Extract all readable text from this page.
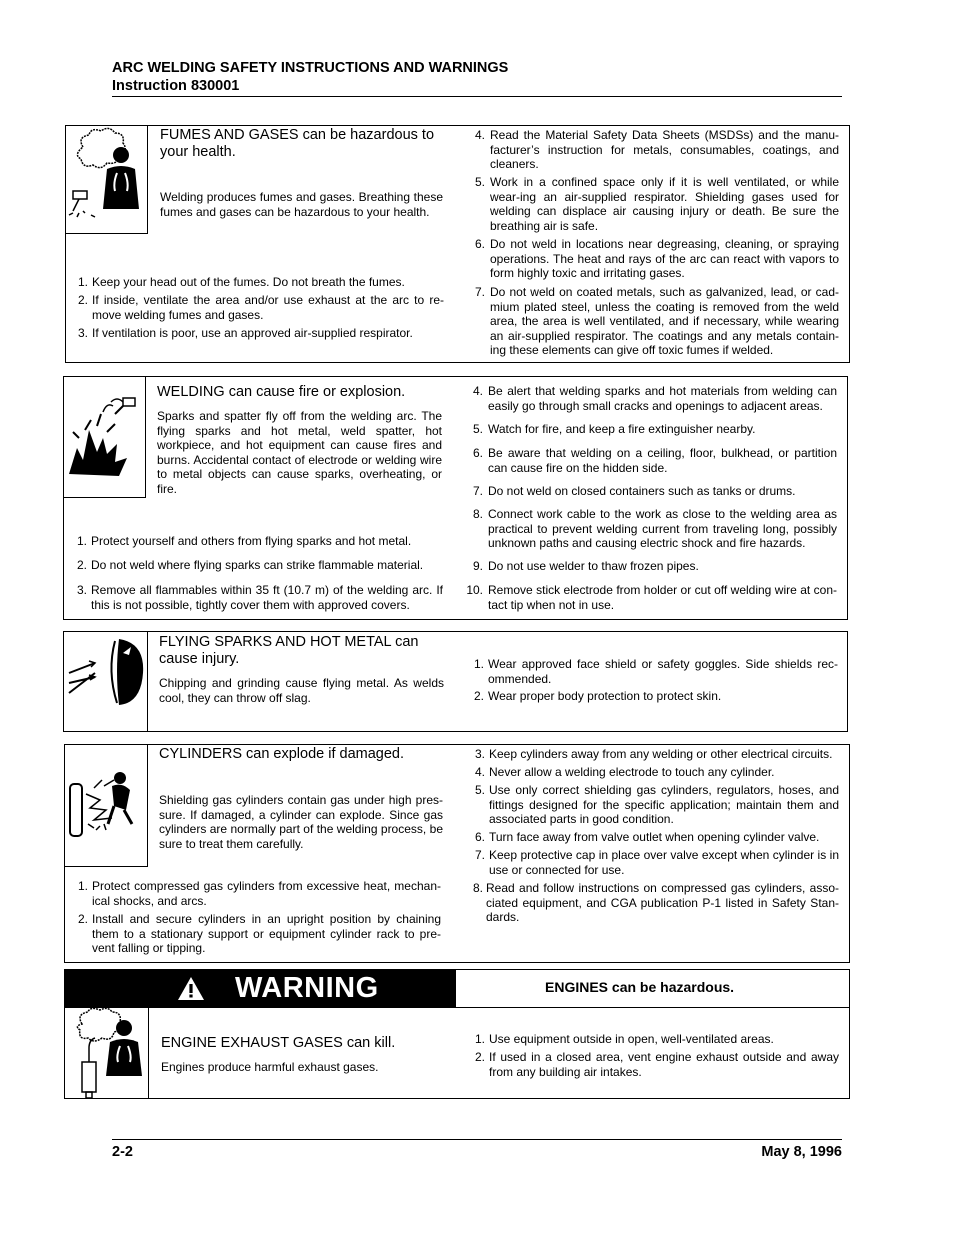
ARC WELDING SAFETY INSTRUCTIONS AND WARNINGS
Instruction 830001
FUMES AND GASES can be hazardous to your health.
Welding produces fumes and gases. Breathing these fumes and gases can be hazardous to your health.
1. Keep your head out of the fumes. Do not breath the fumes.
2. If inside, ventilate the area and/or use exhaust at the arc to re-move welding fumes and gases.
3. If ventilation is poor, use an approved air-supplied respirator.
4. Read the Material Safety Data Sheets (MSDSs) and the manu-facturer’s instruction for metals, consumables, coatings, and cleaners.
5. Work in a confined space only if it is well ventilated, or while wear-ing an air-supplied respirator. Shielding gases used for welding can displace air causing injury or death. Be sure the breathing air is safe.
6. Do not weld in locations near degreasing, cleaning, or spraying operations. The heat and rays of the arc can react with vapors to form highly toxic and irritating gases.
7. Do not weld on coated metals, such as galvanized, lead, or cad-mium plated steel, unless the coating is removed from the weld area, the area is well ventilated, and if necessary, while wearing an air-supplied respirator. The coatings and any metals contain-ing these elements can give off toxic fumes if welded.
WELDING can cause fire or explosion.
Sparks and spatter fly off from the welding arc. The flying sparks and hot metal, weld spatter, hot workpiece, and hot equipment can cause fires and burns. Accidental contact of electrode or welding wire to metal objects can cause sparks, overheating, or fire.
1. Protect yourself and others from flying sparks and hot metal.
2. Do not weld where flying sparks can strike flammable material.
3. Remove all flammables within 35 ft (10.7 m) of the welding arc. If this is not possible, tightly cover them with approved covers.
4. Be alert that welding sparks and hot materials from welding can easily go through small cracks and openings to adjacent areas.
5. Watch for fire, and keep a fire extinguisher nearby.
6. Be aware that welding on a ceiling, floor, bulkhead, or partition can cause fire on the hidden side.
7. Do not weld on closed containers such as tanks or drums.
8. Connect work cable to the work as close to the welding area as practical to prevent welding current from traveling long, possibly unknown paths and causing electric shock and fire hazards.
9. Do not use welder to thaw frozen pipes.
10. Remove stick electrode from holder or cut off welding wire at con-tact tip when not in use.
FLYING SPARKS AND HOT METAL can cause injury.
Chipping and grinding cause flying metal. As welds cool, they can throw off slag.
1. Wear approved face shield or safety goggles. Side shields rec-ommended.
2. Wear proper body protection to protect skin.
CYLINDERS can explode if damaged.
Shielding gas cylinders contain gas under high pres-sure. If damaged, a cylinder can explode. Since gas cylinders are normally part of the welding process, be sure to treat them carefully.
1. Protect compressed gas cylinders from excessive heat, mechan-ical shocks, and arcs.
2. Install and secure cylinders in an upright position by chaining them to a stationary support or equipment cylinder rack to pre-vent falling or tipping.
3. Keep cylinders away from any welding or other electrical circuits.
4. Never allow a welding electrode to touch any cylinder.
5. Use only correct shielding gas cylinders, regulators, hoses, and fittings designed for the specific application; maintain them and associated parts in good condition.
6. Turn face away from valve outlet when opening cylinder valve.
7. Keep protective cap in place over valve except when cylinder is in use or connected for use.
8. Read and follow instructions on compressed gas cylinders, asso-ciated equipment, and CGA publication P-1 listed in Safety Stan-dards.
WARNING	ENGINES can be hazardous.
ENGINE EXHAUST GASES can kill.
Engines produce harmful exhaust gases.
1. Use equipment outside in open, well-ventilated areas.
2. If used in a closed area, vent engine exhaust outside and away from any building air intakes.
2-2	May 8, 1996
